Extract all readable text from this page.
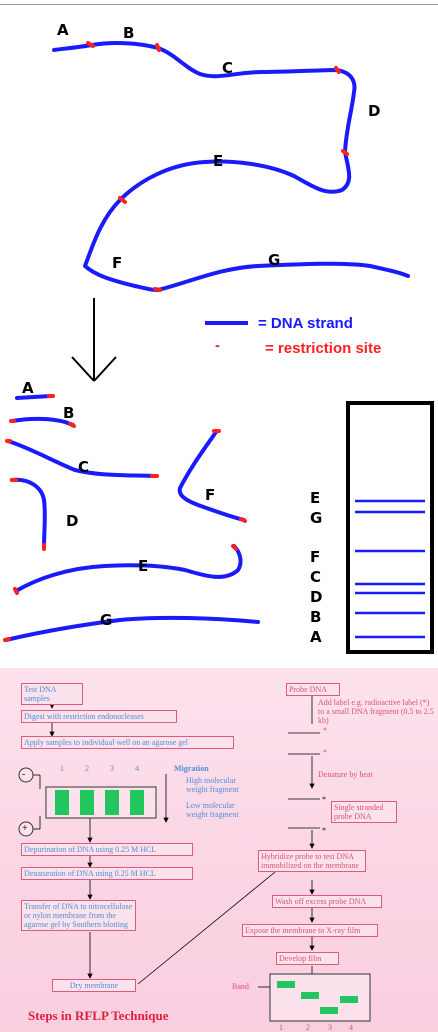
A	B
C
D
E
F	G
= DNA strand
-	= restriction site
A
B
C
D
F
E
G
E
G
F
C
D
B
A
Test DNA samples
Digest with restriction endonucleases
Apply samples to individual well on an agarose gel
-
+
1	2	3	4	Migration
High molecular weight fragment
Low molecular weight fragment
Depurination of DNA using 0.25 M HCL
Denaturation of DNA using 0.25 M HCL
Transfer of DNA to nitrocellulose or nylon membrane from the agarose gel by Southern blotting
Dry membrane
Probe DNA
Add label e.g. radioactive label (*) to a small DNA fragment (0.5 to 2.5 kb)
*
*
Denature by heat
*
Single stranded probe DNA
*
Hybridize probe to test DNA immobilized on the membrane
Wash off excess probe DNA
Expose the membrane to X-ray film
Develop film
Band
1	2 3 4
Steps in RFLP Technique
